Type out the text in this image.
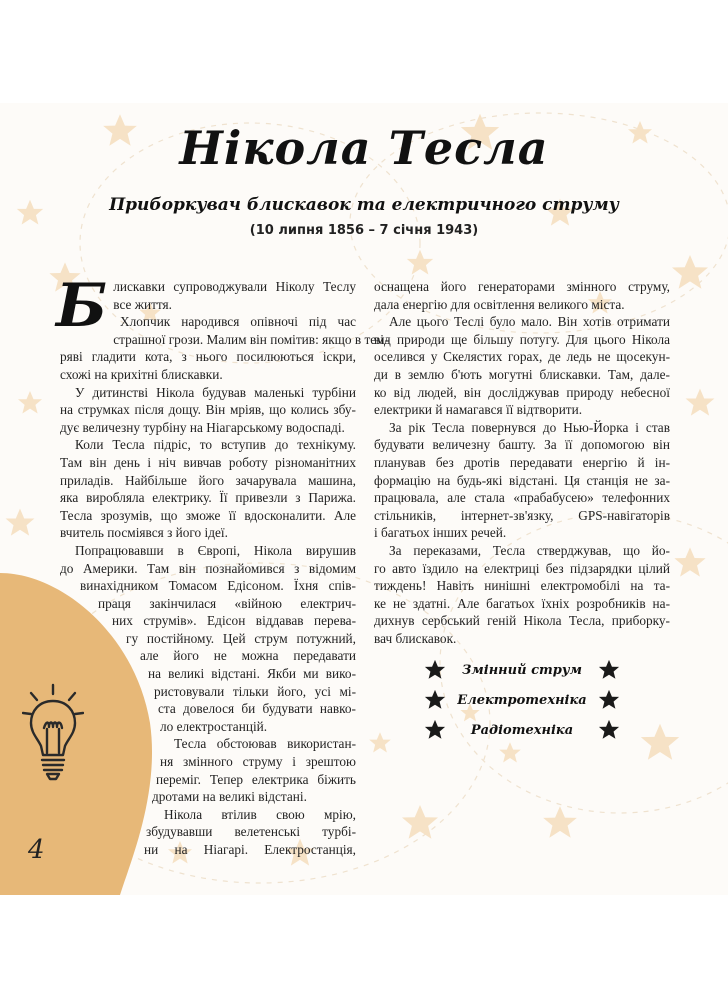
Нікола Тесла
Приборкувач блискавок та електричного струму
(10 липня 1856 – 7 січня 1943)
Б лискавки супроводжували Ніколу Теслу
все життя.
Хлопчик народився опівночі під час
страшної грози. Малим він помітив: якщо в тем-
ряві гладити кота, з нього посилюються іскри,
схожі на крихітні блискавки.
У дитинстві Нікола будував маленькі турбіни
на струмках після дощу. Він мріяв, що колись збу-
дує величезну турбіну на Ніагарському водоспаді.
Коли Тесла підріс, то вступив до технікуму.
Там він день і ніч вивчав роботу різноманітних
приладів. Найбільше його зачарувала машина,
яка виробляла електрику. Її привезли з Парижа.
Тесла зрозумів, що зможе її вдосконалити. Але
вчитель посміявся з його ідеї.
Попрацювавши в Європі, Нікола вирушив
до Америки. Там він познайомився з відомим
винахідником Томасом Едісоном. Їхня спів-
праця закінчилася «війною електрич-
них струмів». Едісон віддавав перева-
гу постійному. Цей струм потужний,
але його не можна передавати
на великі відстані. Якби ми вико-
ристовували тільки його, усі мі-
ста довелося би будувати навко-
ло електростанцій.
Тесла обстоював використан-
ня змінного струму і зрештою
переміг. Тепер електрика біжить
дротами на великі відстані.
Нікола втілив свою мрію,
збудувавши велетенські турбі-
ни на Ніагарі. Електростанція,
оснащена його генераторами змінного струму,
дала енергію для освітлення великого міста.
Але цього Теслі було мало. Він хотів отримати
від природи ще більшу потугу. Для цього Нікола
оселився у Скелястих горах, де ледь не щосекун-
ди в землю б'ють могутні блискавки. Там, дале-
ко від людей, він досліджував природу небесної
електрики й намагався її відтворити.
За рік Тесла повернувся до Нью-Йорка і став
будувати величезну башту. За її допомогою він
планував без дротів передавати енергію й ін-
формацію на будь-які відстані. Ця станція не за-
працювала, але стала «прабабусею» телефонних
стільників, інтернет-зв'язку, GPS-навігаторів
і багатьох інших речей.
За переказами, Тесла стверджував, що йо-
го авто їздило на електриці без підзарядки цілий
тиждень! Навіть нинішні електромобілі на та-
ке не здатні. Але багатьох їхніх розробників на-
дихнув сербський геній Нікола Тесла, приборку-
вач блискавок.
Змінний струм
Електротехніка
Радіотехніка
4
